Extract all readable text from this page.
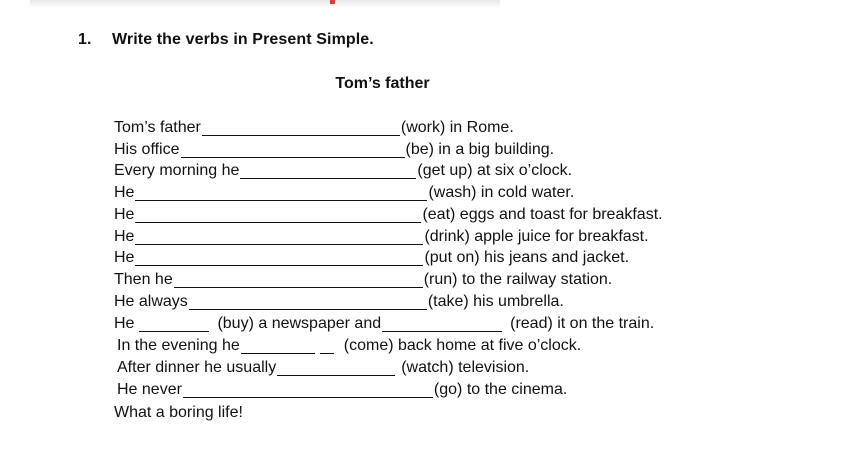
1. Write the verbs in Present Simple.
Tom’s father
Tom’s father	(work) in Rome.
His office	(be) in a big building.
Every morning he	(get up) at six o’clock.
He	(wash) in cold water.
He	(eat) eggs and toast for breakfast.
He	(drink) apple juice for breakfast.
He	(put on) his jeans and jacket.
Then he	(run) to the railway station.
He always	(take) his umbrella.
He	(buy) a newspaper and	(read) it on the train.
In the evening he	(come) back home at five o’clock.
After dinner he usually	(watch) television.
He never	(go) to the cinema.
What a boring life!
